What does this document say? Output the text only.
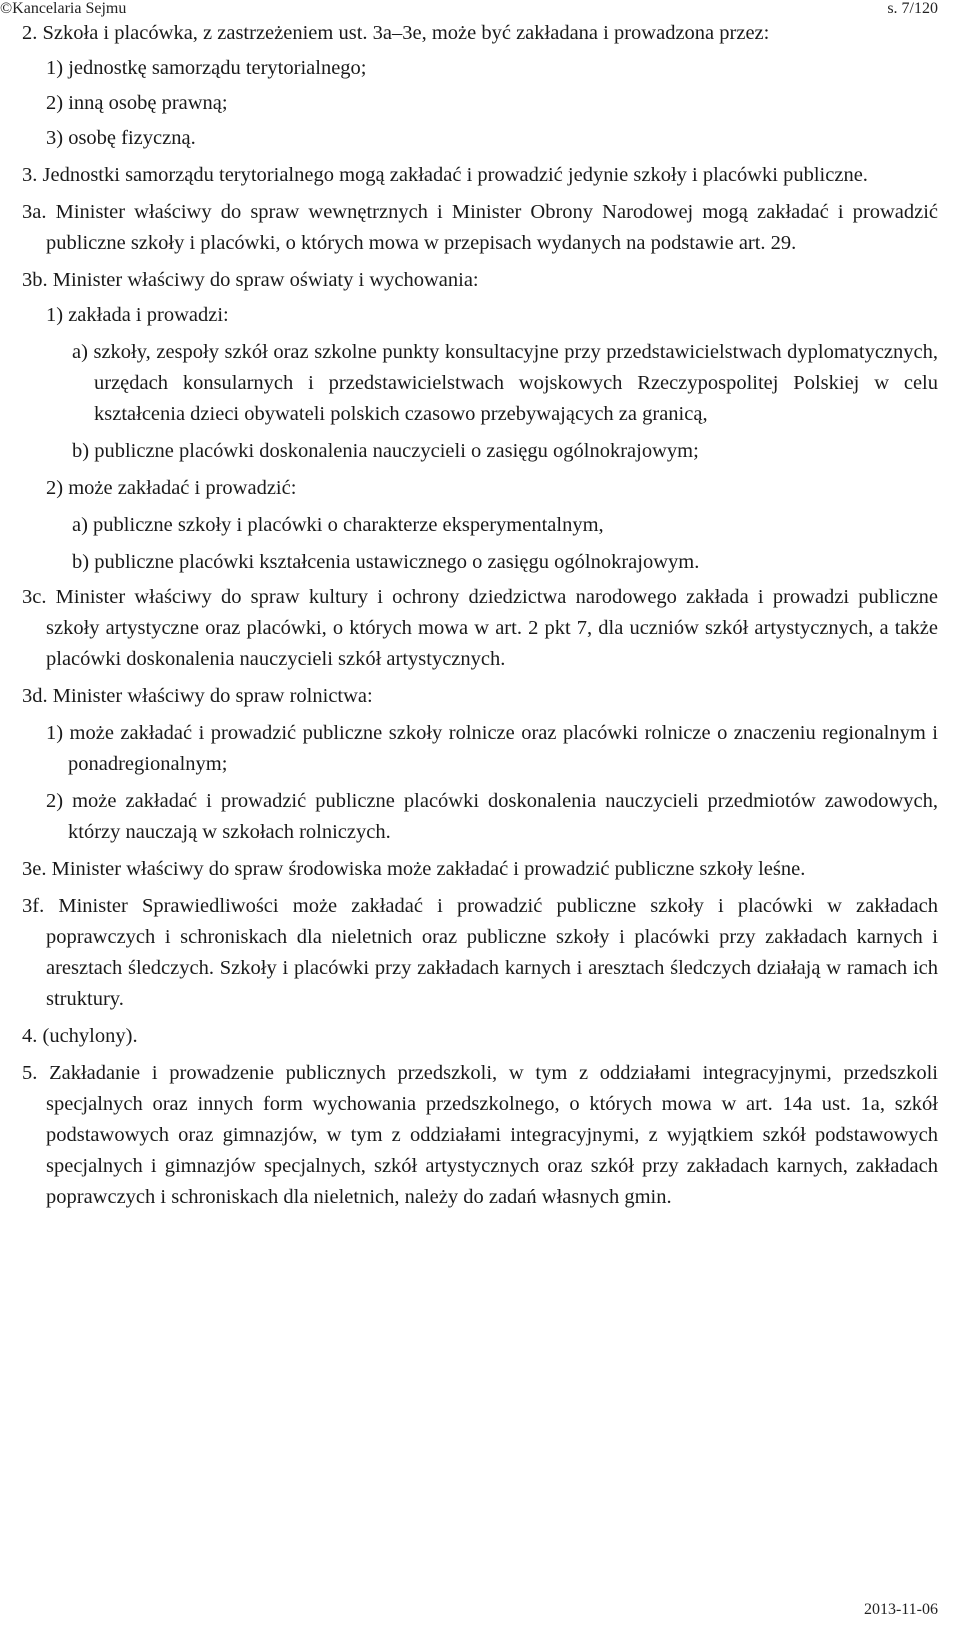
©Kancelaria Sejmu	s. 7/120

2. Szkoła i placówka, z zastrzeżeniem ust. 3a–3e, może być zakładana i prowadzona przez:

1) jednostkę samorządu terytorialnego;

2) inną osobę prawną;

3) osobę fizyczną.

3. Jednostki samorządu terytorialnego mogą zakładać i prowadzić jedynie szkoły i placówki publiczne.

3a. Minister właściwy do spraw wewnętrznych i Minister Obrony Narodowej mogą zakładać i prowadzić publiczne szkoły i placówki, o których mowa w przepisach wydanych na podstawie art. 29.

3b. Minister właściwy do spraw oświaty i wychowania:

1) zakłada i prowadzi:

a) szkoły, zespoły szkół oraz szkolne punkty konsultacyjne przy przedstawicielstwach dyplomatycznych, urzędach konsularnych i przedstawicielstwach wojskowych Rzeczypospolitej Polskiej w celu kształcenia dzieci obywateli polskich czasowo przebywających za granicą,

b) publiczne placówki doskonalenia nauczycieli o zasięgu ogólnokrajowym;

2) może zakładać i prowadzić:

a) publiczne szkoły i placówki o charakterze eksperymentalnym,

b) publiczne placówki kształcenia ustawicznego o zasięgu ogólnokrajowym.

3c. Minister właściwy do spraw kultury i ochrony dziedzictwa narodowego zakłada i prowadzi publiczne szkoły artystyczne oraz placówki, o których mowa w art. 2 pkt 7, dla uczniów szkół artystycznych, a także placówki doskonalenia nauczycieli szkół artystycznych.

3d. Minister właściwy do spraw rolnictwa:

1) może zakładać i prowadzić publiczne szkoły rolnicze oraz placówki rolnicze o znaczeniu regionalnym i ponadregionalnym;

2) może zakładać i prowadzić publiczne placówki doskonalenia nauczycieli przedmiotów zawodowych, którzy nauczają w szkołach rolniczych.

3e. Minister właściwy do spraw środowiska może zakładać i prowadzić publiczne szkoły leśne.

3f. Minister Sprawiedliwości może zakładać i prowadzić publiczne szkoły i placówki w zakładach poprawczych i schroniskach dla nieletnich oraz publiczne szkoły i placówki przy zakładach karnych i aresztach śledczych. Szkoły i placówki przy zakładach karnych i aresztach śledczych działają w ramach ich struktury.

4. (uchylony).

5. Zakładanie i prowadzenie publicznych przedszkoli, w tym z oddziałami integracyjnymi, przedszkoli specjalnych oraz innych form wychowania przedszkolnego, o których mowa w art. 14a ust. 1a, szkół podstawowych oraz gimnazjów, w tym z oddziałami integracyjnymi, z wyjątkiem szkół podstawowych specjalnych i gimnazjów specjalnych, szkół artystycznych oraz szkół przy zakładach karnych, zakładach poprawczych i schroniskach dla nieletnich, należy do zadań własnych gmin.

2013-11-06
